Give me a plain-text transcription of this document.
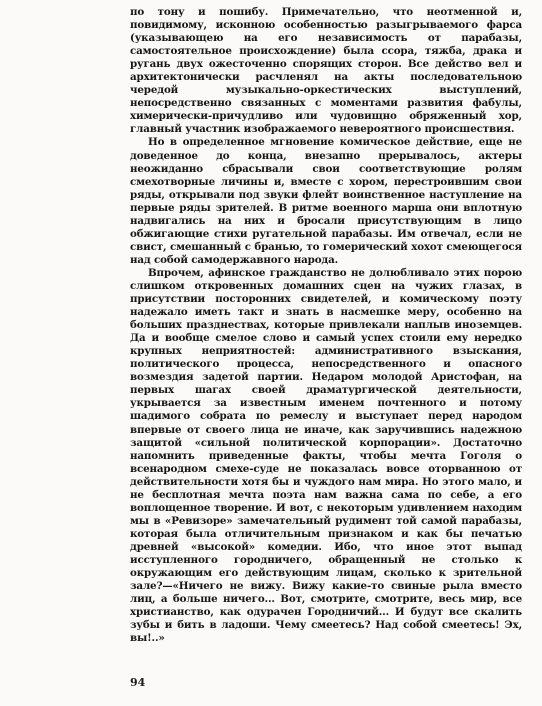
по тону и пошибу. Примечательно, что неотменной и, повидимому, исконною особенностью разыгрываемого фарса (указывающею на его независимость от парабазы, самостоятельное происхождение) была ссора, тяжба, драка и ругань двух ожесточенно спорящих сторон. Все действо вел и архитектонически расчленял на акты последовательною чередой музыкально-оркестических выступлений, непосредственно связанных с моментами развития фабулы, химерически-причудливо или чудовищно обряженный хор, главный участник изображаемого невероятного происшествия.

Но в определенное мгновение комическое действие, еще не доведенное до конца, внезапно прерывалось, актеры неожиданно сбрасывали свои соответствующие ролям смехотворные личины и, вместе с хором, перестроившим свои ряды, открывали под звуки флейт воинственное наступление на первые ряды зрителей. В ритме военного марша они вплотную надвигались на них и бросали присутствующим в лицо обжигающие стихи ругательной парабазы. Им отвечал, если не свист, смешанный с бранью, то гомерический хохот смеющегося над собой самодержавного народа.

Впрочем, афинское гражданство не долюбливало этих порою слишком откровенных домашних сцен на чужих глазах, в присутствии посторонних свидетелей, и комическому поэту надежало иметь такт и знать в насмешке меру, особенно на больших празднествах, которые привлекали наплыв иноземцев. Да и вообще смелое слово и самый успех стоили ему нередко крупных неприятностей: административного взыскания, политического процесса, непосредственного и опасного возмездия задетой партии. Недаром молодой Аристофан, на первых шагах своей драматургической деятельности, укрывается за известным именем почтенного и потому шадимого собрата по ремеслу и выступает перед народом впервые от своего лица не иначе, как заручившись надежною защитой «сильной политической корпорации». Достаточно напомнить приведенные факты, чтобы мечта Гоголя о всенародном смехе-суде не показалась вовсе оторванною от действительности хотя бы и чуждого нам мира. Но этого мало, и не бесплотная мечта поэта нам важна сама по себе, а его воплощенное творение. И вот, с некоторым удивлением находим мы в «Ревизоре» замечательный рудимент той самой парабазы, которая была отличительным признаком и как бы печатью древней «высокой» комедии. Ибо, что иное этот выпад исступленного городничего, обращенный не столько к окружающим его действующим лицам, сколько к зрительной зале?—«Ничего не вижу. Вижу какие-то свиные рыла вместо лиц, а больше ничего... Вот, смотрите, смотрите, весь мир, все христианство, как одурачен Городничий... И будут все скалить зубы и бить в ладоши. Чему смеетесь? Над собой смеетесь! Эх, вы!..»

94
